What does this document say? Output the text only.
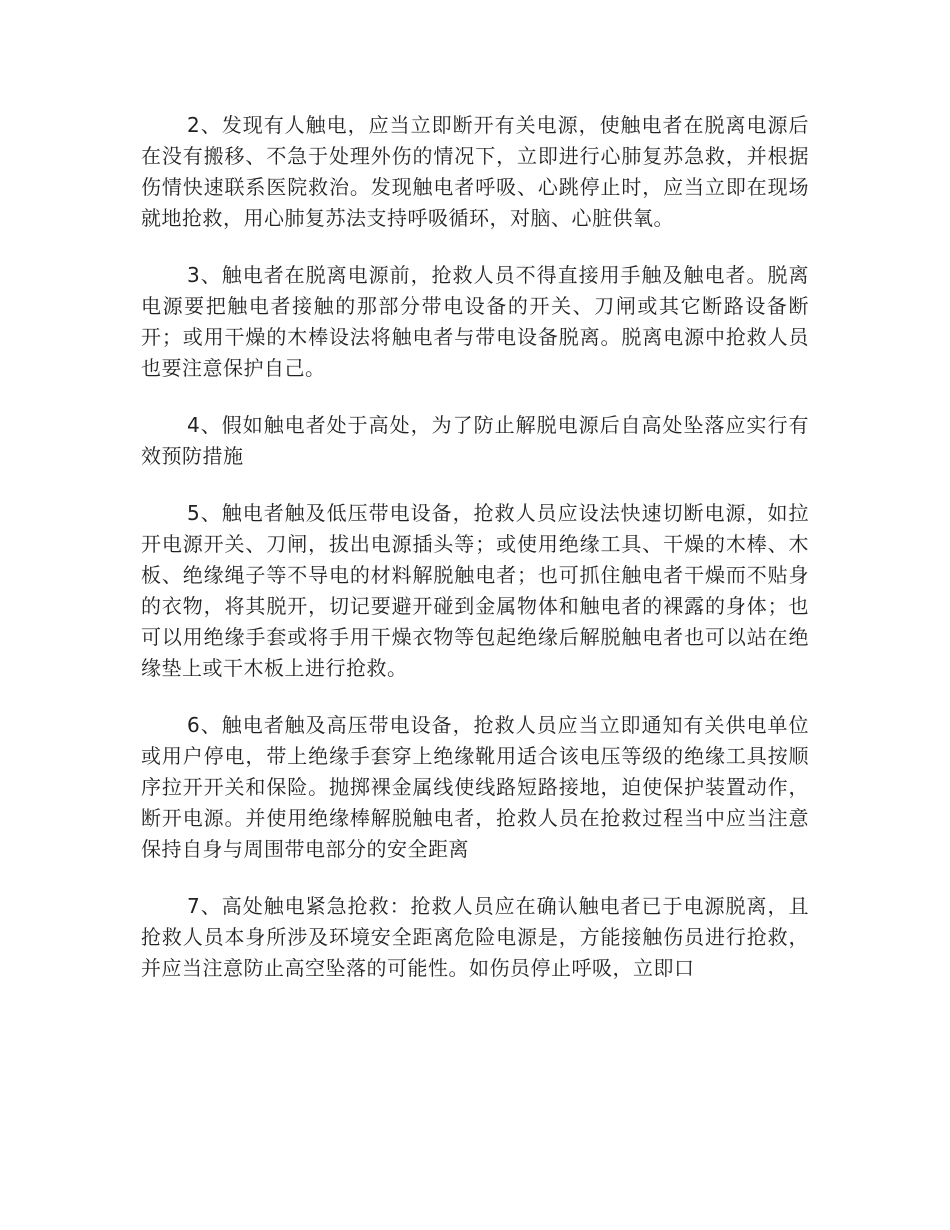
2、发现有人触电，应当立即断开有关电源，使触电者在脱离电源后在没有搬移、不急于处理外伤的情况下，立即进行心肺复苏急救，并根据伤情快速联系医院救治。发现触电者呼吸、心跳停止时，应当立即在现场就地抢救，用心肺复苏法支持呼吸循环，对脑、心脏供氧。

3、触电者在脱离电源前，抢救人员不得直接用手触及触电者。脱离电源要把触电者接触的那部分带电设备的开关、刀闸或其它断路设备断开；或用干燥的木棒设法将触电者与带电设备脱离。脱离电源中抢救人员也要注意保护自己。

4、假如触电者处于高处，为了防止解脱电源后自高处坠落应实行有效预防措施

5、触电者触及低压带电设备，抢救人员应设法快速切断电源，如拉开电源开关、刀闸，拔出电源插头等；或使用绝缘工具、干燥的木棒、木板、绝缘绳子等不导电的材料解脱触电者；也可抓住触电者干燥而不贴身的衣物，将其脱开，切记要避开碰到金属物体和触电者的裸露的身体；也可以用绝缘手套或将手用干燥衣物等包起绝缘后解脱触电者也可以站在绝缘垫上或干木板上进行抢救。

6、触电者触及高压带电设备，抢救人员应当立即通知有关供电单位或用户停电，带上绝缘手套穿上绝缘靴用适合该电压等级的绝缘工具按顺序拉开开关和保险。抛掷裸金属线使线路短路接地，迫使保护装置动作，断开电源。并使用绝缘棒解脱触电者，抢救人员在抢救过程当中应当注意保持自身与周围带电部分的安全距离

7、高处触电紧急抢救：抢救人员应在确认触电者已于电源脱离，且抢救人员本身所涉及环境安全距离危险电源是，方能接触伤员进行抢救，并应当注意防止高空坠落的可能性。如伤员停止呼吸，立即口
